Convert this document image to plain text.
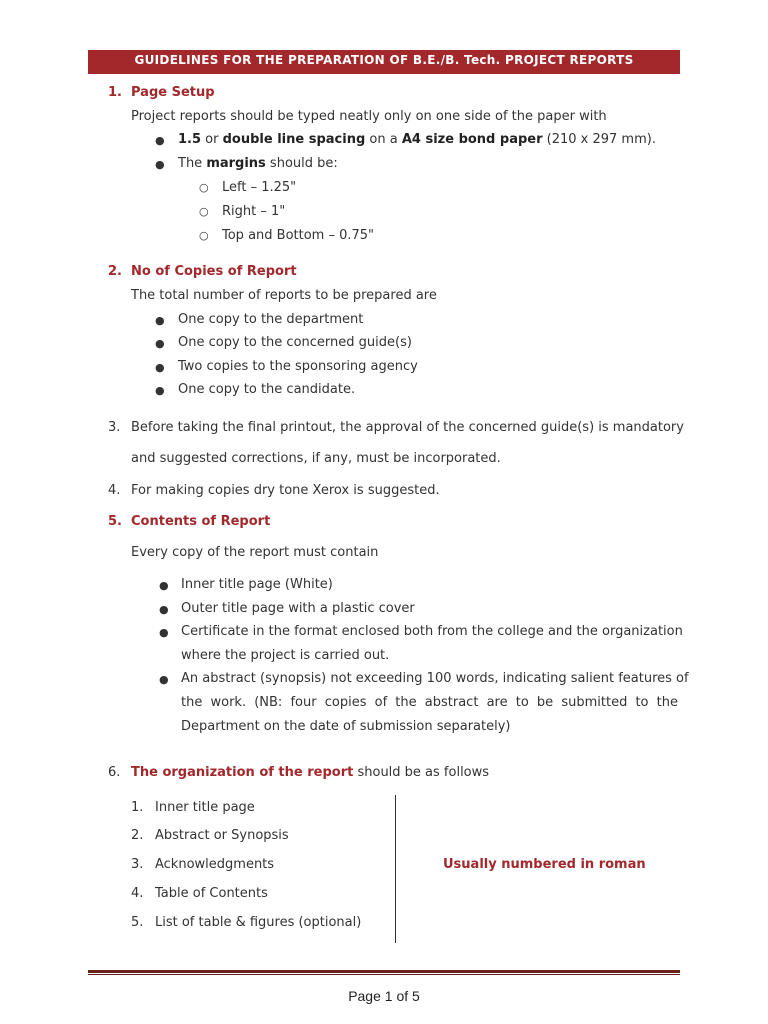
GUIDELINES FOR THE PREPARATION OF B.E./B. Tech. PROJECT REPORTS
1. Page Setup
Project reports should be typed neatly only on one side of the paper with
● 1.5 or double line spacing on a A4 size bond paper (210 x 297 mm).
● The margins should be:
○ Left – 1.25"
○ Right – 1"
○ Top and Bottom – 0.75"
2. No of Copies of Report
The total number of reports to be prepared are
● One copy to the department
● One copy to the concerned guide(s)
● Two copies to the sponsoring agency
● One copy to the candidate.
3. Before taking the final printout, the approval of the concerned guide(s) is mandatory
and suggested corrections, if any, must be incorporated.
4. For making copies dry tone Xerox is suggested.
5. Contents of Report
Every copy of the report must contain
● Inner title page (White)
● Outer title page with a plastic cover
● Certificate in the format enclosed both from the college and the organization
where the project is carried out.
● An abstract (synopsis) not exceeding 100 words, indicating salient features of
the work. (NB: four copies of the abstract are to be submitted to the
Department on the date of submission separately)
6. The organization of the report should be as follows
1. Inner title page
2. Abstract or Synopsis
3. Acknowledgments
4. Table of Contents
5. List of table & figures (optional)
Usually numbered in roman
Page 1 of 5
